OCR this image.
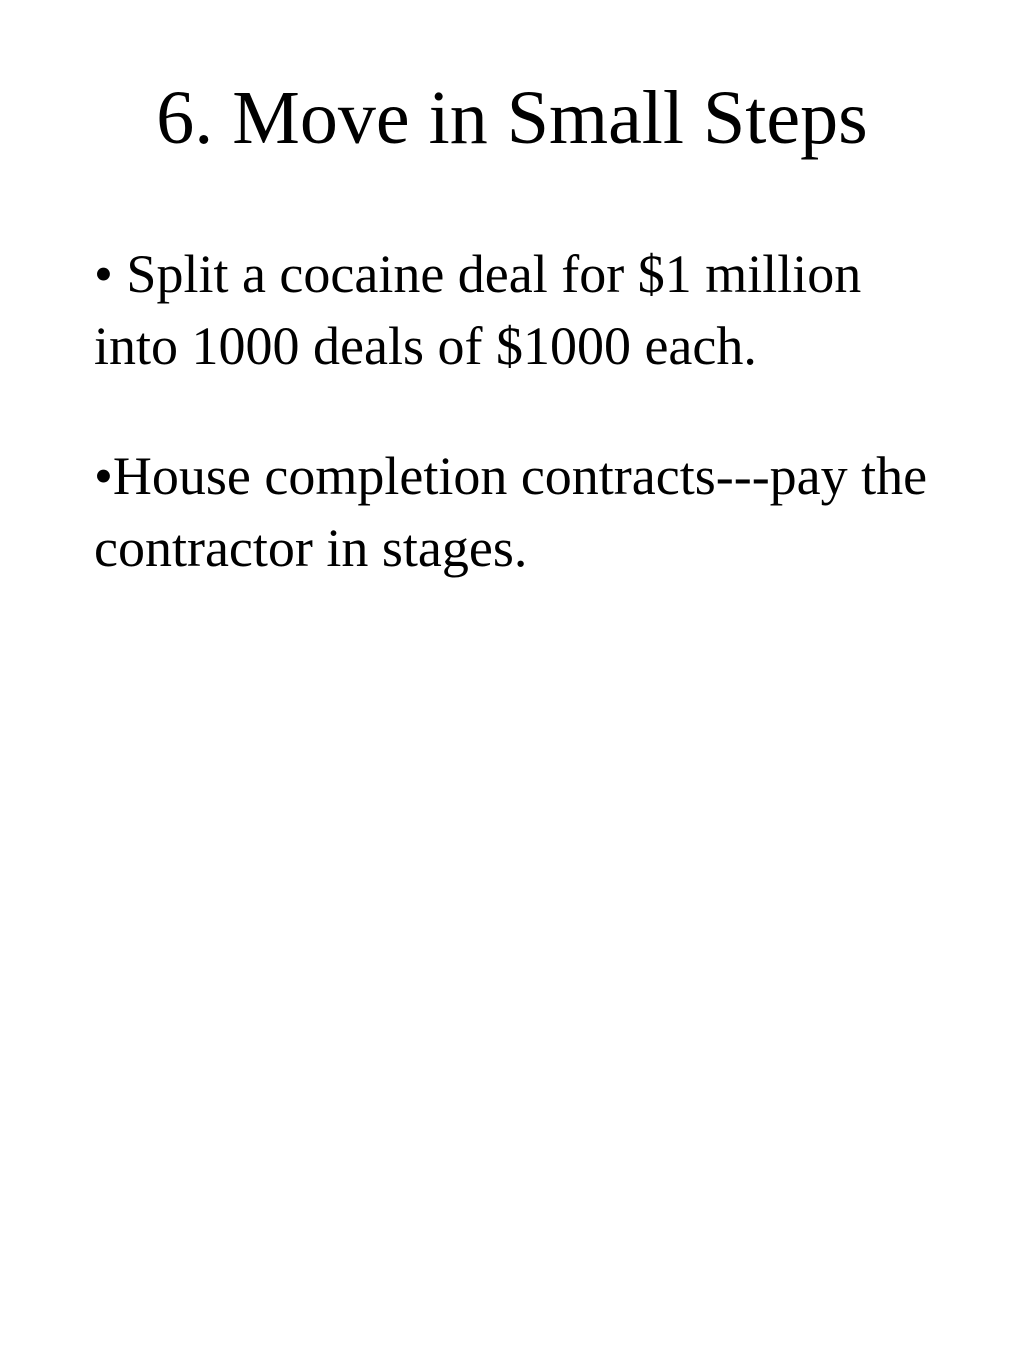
6. Move in Small Steps
• Split a cocaine deal for $1 million into 1000 deals of $1000 each.
•House completion contracts---pay the contractor in stages.
